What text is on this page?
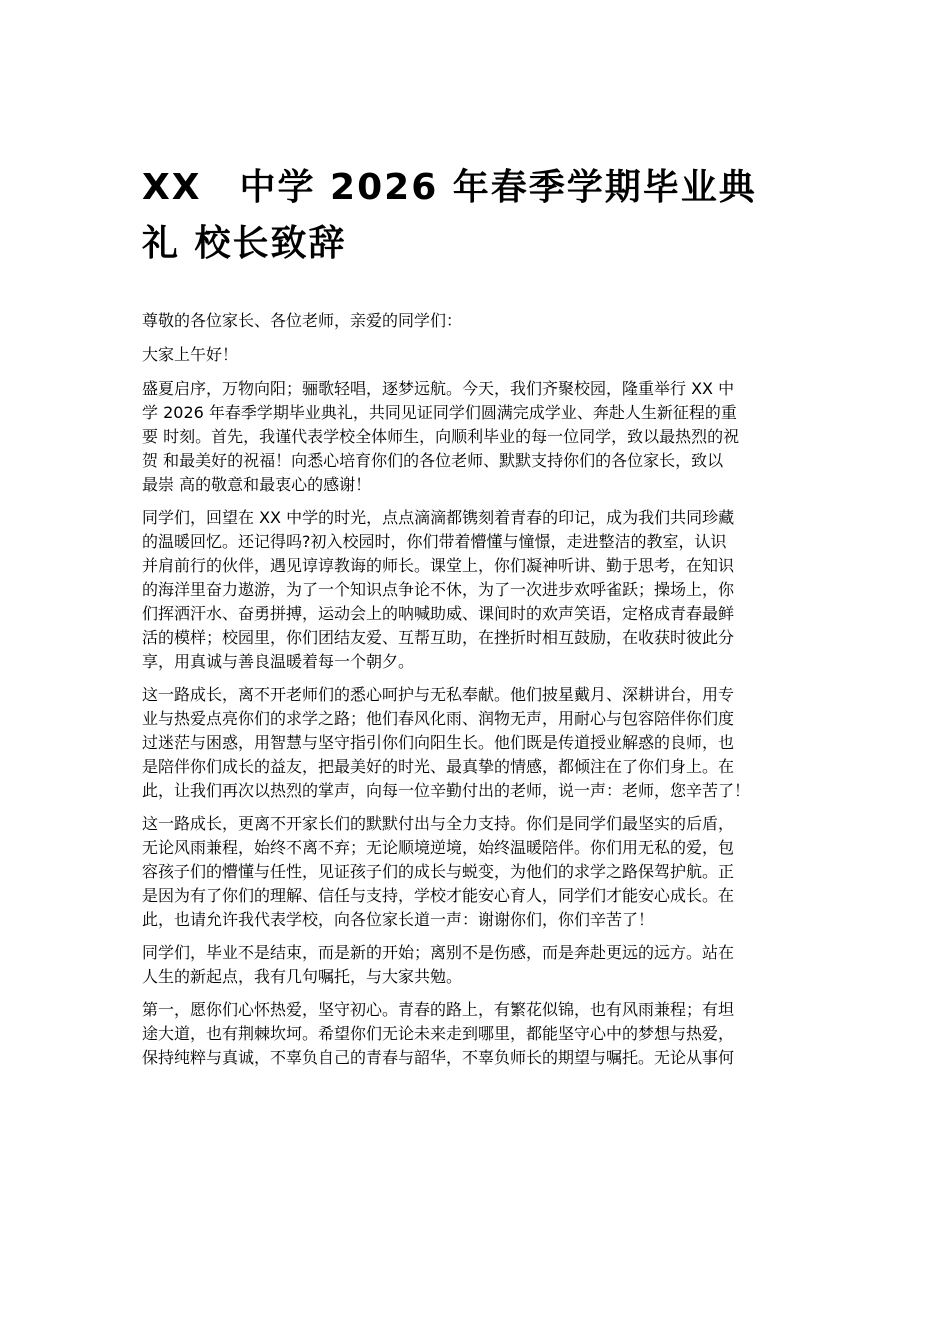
XX　中学 2026 年春季学期毕业典
礼 校长致辞

尊敬的各位家长、各位老师，亲爱的同学们：

大家上午好！

盛夏启序，万物向阳；骊歌轻唱，逐梦远航。今天，我们齐聚校园，隆重举行 XX 中
学 2026 年春季学期毕业典礼，共同见证同学们圆满完成学业、奔赴人生新征程的重
要 时刻。首先，我谨代表学校全体师生，向顺利毕业的每一位同学，致以最热烈的祝
贺 和最美好的祝福！向悉心培育你们的各位老师、默默支持你们的各位家长，致以
最崇 高的敬意和最衷心的感谢！

同学们，回望在 XX 中学的时光，点点滴滴都镌刻着青春的印记，成为我们共同珍藏
的温暖回忆。还记得吗?初入校园时，你们带着懵懂与憧憬，走进整洁的教室，认识
并肩前行的伙伴，遇见谆谆教诲的师长。课堂上，你们凝神听讲、勤于思考，在知识
的海洋里奋力遨游，为了一个知识点争论不休，为了一次进步欢呼雀跃；操场上，你
们挥洒汗水、奋勇拼搏，运动会上的呐喊助威、课间时的欢声笑语，定格成青春最鲜
活的模样；校园里，你们团结友爱、互帮互助，在挫折时相互鼓励，在收获时彼此分
享，用真诚与善良温暖着每一个朝夕。

这一路成长，离不开老师们的悉心呵护与无私奉献。他们披星戴月、深耕讲台，用专
业与热爱点亮你们的求学之路；他们春风化雨、润物无声，用耐心与包容陪伴你们度
过迷茫与困惑，用智慧与坚守指引你们向阳生长。他们既是传道授业解惑的良师，也
是陪伴你们成长的益友，把最美好的时光、最真挚的情感，都倾注在了你们身上。在
此，让我们再次以热烈的掌声，向每一位辛勤付出的老师，说一声：老师，您辛苦了！

这一路成长，更离不开家长们的默默付出与全力支持。你们是同学们最坚实的后盾，
无论风雨兼程，始终不离不弃；无论顺境逆境，始终温暖陪伴。你们用无私的爱，包
容孩子们的懵懂与任性，见证孩子们的成长与蜕变，为他们的求学之路保驾护航。正
是因为有了你们的理解、信任与支持，学校才能安心育人，同学们才能安心成长。在
此，也请允许我代表学校，向各位家长道一声：谢谢你们，你们辛苦了！

同学们，毕业不是结束，而是新的开始；离别不是伤感，而是奔赴更远的远方。站在
人生的新起点，我有几句嘱托，与大家共勉。

第一，愿你们心怀热爱，坚守初心。青春的路上，有繁花似锦，也有风雨兼程；有坦
途大道，也有荆棘坎坷。希望你们无论未来走到哪里，都能坚守心中的梦想与热爱，
保持纯粹与真诚，不辜负自己的青春与韶华，不辜负师长的期望与嘱托。无论从事何
